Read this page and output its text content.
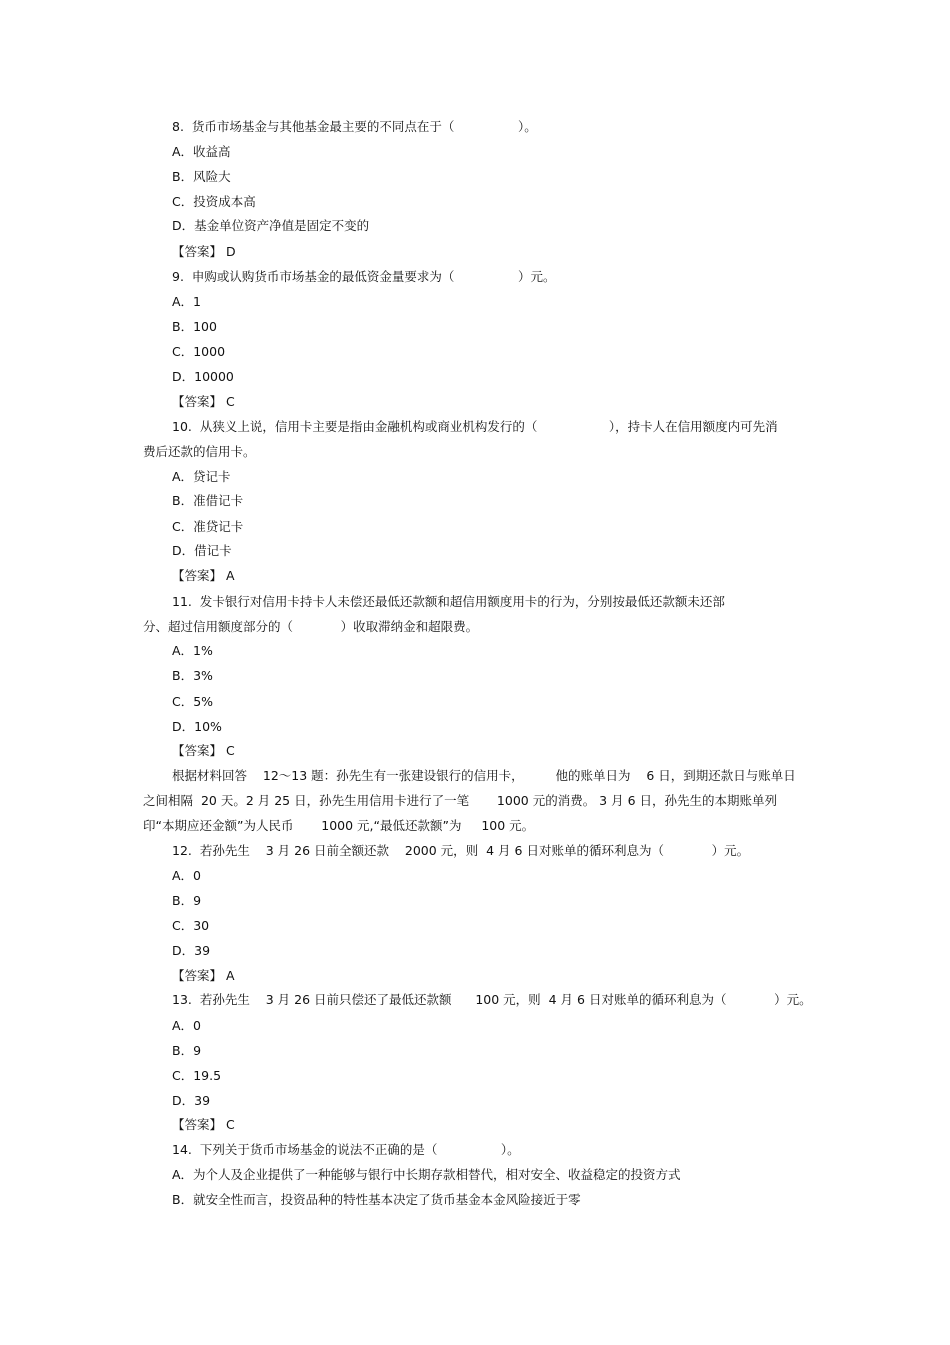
8.  货币市场基金与其他基金最主要的不同点在于（                ）。
A．收益高
B．风险大
C．投资成本高
D．基金单位资产净值是固定不变的
【答案】 D
9.  申购或认购货币市场基金的最低资金量要求为（                ）元。
A．1
B．100
C．1000
D．10000
【答案】 C
10.  从狭义上说，信用卡主要是指由金融机构或商业机构发行的（                  ），持卡人在信用额度内可先消
费后还款的信用卡。
A．贷记卡
B．准借记卡
C．准贷记卡
D．借记卡
【答案】 A
11.  发卡银行对信用卡持卡人未偿还最低还款额和超信用额度用卡的行为，分别按最低还款额未还部
分、超过信用额度部分的（            ）收取滞纳金和超限费。
A．1%
B．3%
C．5%
D．10%
【答案】 C
根据材料回答    12～13 题：孙先生有一张建设银行的信用卡，        他的账单日为    6 日，到期还款日与账单日
之间相隔  20 天。2 月 25 日，孙先生用信用卡进行了一笔       1000 元的消费。 3 月 6 日，孙先生的本期账单列
印“本期应还金额”为人民币       1000 元,“最低还款额”为     100 元。
12.  若孙先生    3 月 26 日前全额还款    2000 元，则  4 月 6 日对账单的循环利息为（            ）元。
A．0
B．9
C．30
D．39
【答案】 A
13.  若孙先生    3 月 26 日前只偿还了最低还款额      100 元，则  4 月 6 日对账单的循环利息为（            ）元。
A．0
B．9
C．19.5
D．39
【答案】 C
14.  下列关于货币市场基金的说法不正确的是（                ）。
A．为个人及企业提供了一种能够与银行中长期存款相替代，相对安全、收益稳定的投资方式
B．就安全性而言，投资品种的特性基本决定了货币基金本金风险接近于零
